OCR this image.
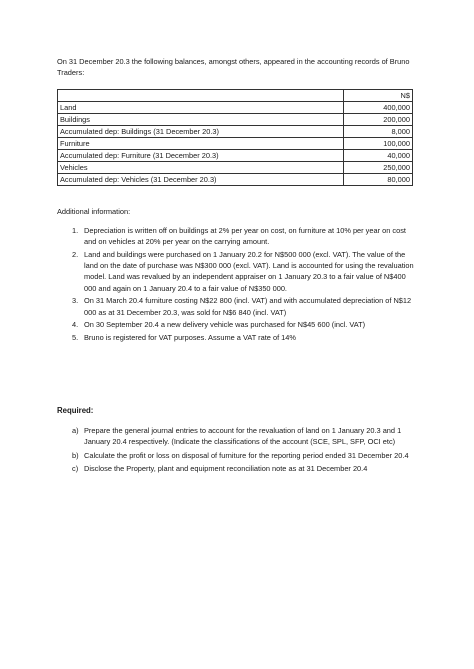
On 31 December 20.3 the following balances, amongst others, appeared in the accounting records of Bruno Traders:

	N$
Land	400,000
Buildings	200,000
Accumulated dep: Buildings (31 December 20.3)	8,000
Furniture	100,000
Accumulated dep: Furniture (31 December 20.3)	40,000
Vehicles	250,000
Accumulated dep: Vehicles (31 December 20.3)	80,000
Additional information:
1. Depreciation is written off on buildings at 2% per year on cost, on furniture at 10% per year on cost and on vehicles at 20% per year on the carrying amount.
2. Land and buildings were purchased on 1 January 20.2 for N$500 000 (excl. VAT). The value of the land on the date of purchase was N$300 000 (excl. VAT). Land is accounted for using the revaluation model. Land was revalued by an independent appraiser on 1 January 20.3 to a fair value of N$400 000 and again on 1 January 20.4 to a fair value of N$350 000.
3. On 31 March 20.4 furniture costing N$22 800 (incl. VAT) and with accumulated depreciation of N$12 000 as at 31 December 20.3, was sold for N$6 840 (incl. VAT)
4. On 30 September 20.4 a new delivery vehicle was purchased for N$45 600 (incl. VAT)
5. Bruno is registered for VAT purposes. Assume a VAT rate of 14%
Required:
a) Prepare the general journal entries to account for the revaluation of land on 1 January 20.3 and 1 January 20.4 respectively. (Indicate the classifications of the account (SCE, SPL, SFP, OCI etc)
b) Calculate the profit or loss on disposal of furniture for the reporting period ended 31 December 20.4
c) Disclose the Property, plant and equipment reconciliation note as at 31 December 20.4
